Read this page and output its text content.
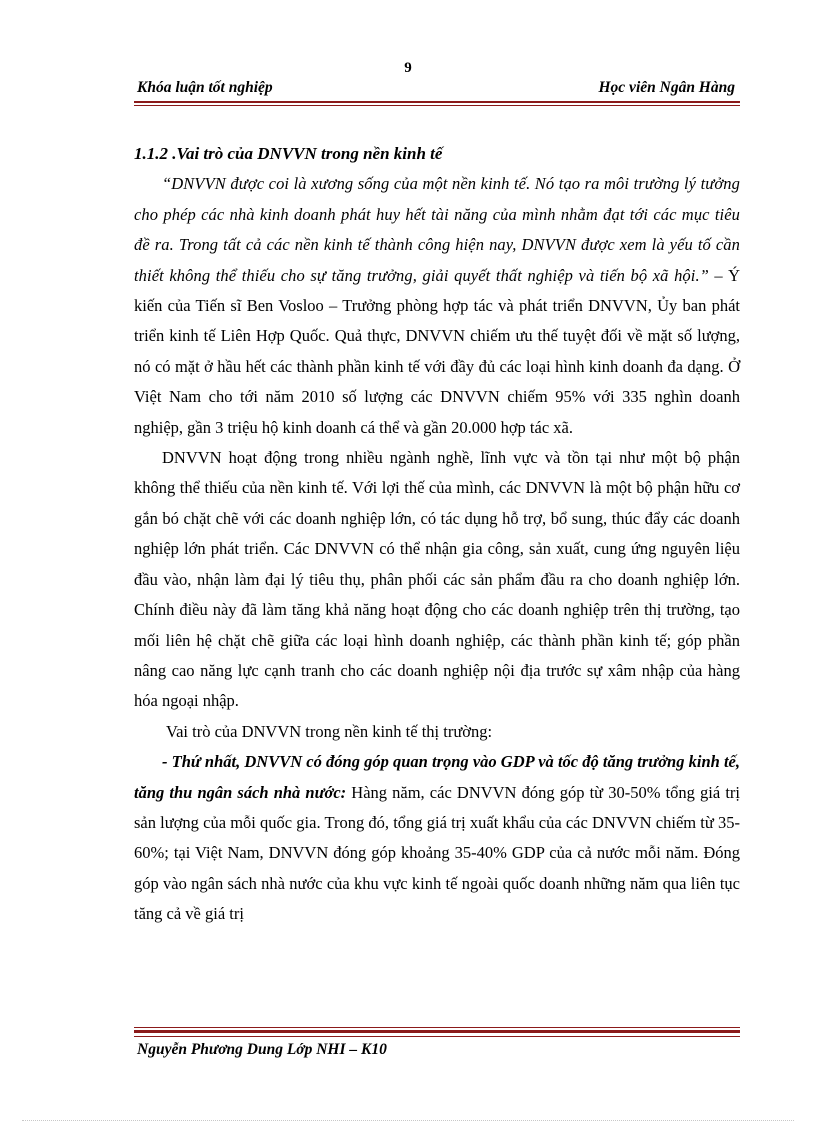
9
Khóa luận tốt nghiệp	Học viên Ngân Hàng

1.1.2 .Vai trò của DNVVN trong nền kinh tế

“DNVVN được coi là xương sống của một nền kinh tế. Nó tạo ra môi trường lý tưởng cho phép các nhà kinh doanh phát huy hết tài năng của mình nhằm đạt tới các mục tiêu đề ra. Trong tất cả các nền kinh tế thành công hiện nay, DNVVN được xem là yếu tố cần thiết không thể thiếu cho sự tăng trưởng, giải quyết thất nghiệp và tiến bộ xã hội.” – Ý kiến của Tiến sĩ Ben Vosloo – Trưởng phòng hợp tác và phát triển DNVVN, Ủy ban phát triển kinh tế Liên Hợp Quốc. Quả thực, DNVVN chiếm ưu thế tuyệt đối về mặt số lượng, nó có mặt ở hầu hết các thành phần kinh tế với đầy đủ các loại hình kinh doanh đa dạng. Ở Việt Nam cho tới năm 2010 số lượng các DNVVN chiếm 95% với 335 nghìn doanh nghiệp, gần 3 triệu hộ kinh doanh cá thể và gần 20.000 hợp tác xã.

DNVVN hoạt động trong nhiều ngành nghề, lĩnh vực và tồn tại như một bộ phận không thể thiếu của nền kinh tế. Với lợi thế của mình, các DNVVN là một bộ phận hữu cơ gắn bó chặt chẽ với các doanh nghiệp lớn, có tác dụng hỗ trợ, bổ sung, thúc đẩy các doanh nghiệp lớn phát triển. Các DNVVN có thể nhận gia công, sản xuất, cung ứng nguyên liệu đầu vào, nhận làm đại lý tiêu thụ, phân phối các sản phẩm đầu ra cho doanh nghiệp lớn. Chính điều này đã làm tăng khả năng hoạt động cho các doanh nghiệp trên thị trường, tạo mối liên hệ chặt chẽ giữa các loại hình doanh nghiệp, các thành phần kinh tế; góp phần nâng cao năng lực cạnh tranh cho các doanh nghiệp nội địa trước sự xâm nhập của hàng hóa ngoại nhập.

Vai trò của DNVVN trong nền kinh tế thị trường:

- Thứ nhất, DNVVN có đóng góp quan trọng vào GDP và tốc độ tăng trưởng kinh tế, tăng thu ngân sách nhà nước: Hàng năm, các DNVVN đóng góp từ 30-50% tổng giá trị sản lượng của mỗi quốc gia. Trong đó, tổng giá trị xuất khẩu của các DNVVN chiếm từ 35-60%; tại Việt Nam, DNVVN đóng góp khoảng 35-40% GDP của cả nước mỗi năm. Đóng góp vào ngân sách nhà nước của khu vực kinh tế ngoài quốc doanh những năm qua liên tục tăng cả về giá trị

Nguyễn Phương Dung Lớp NHI – K10
